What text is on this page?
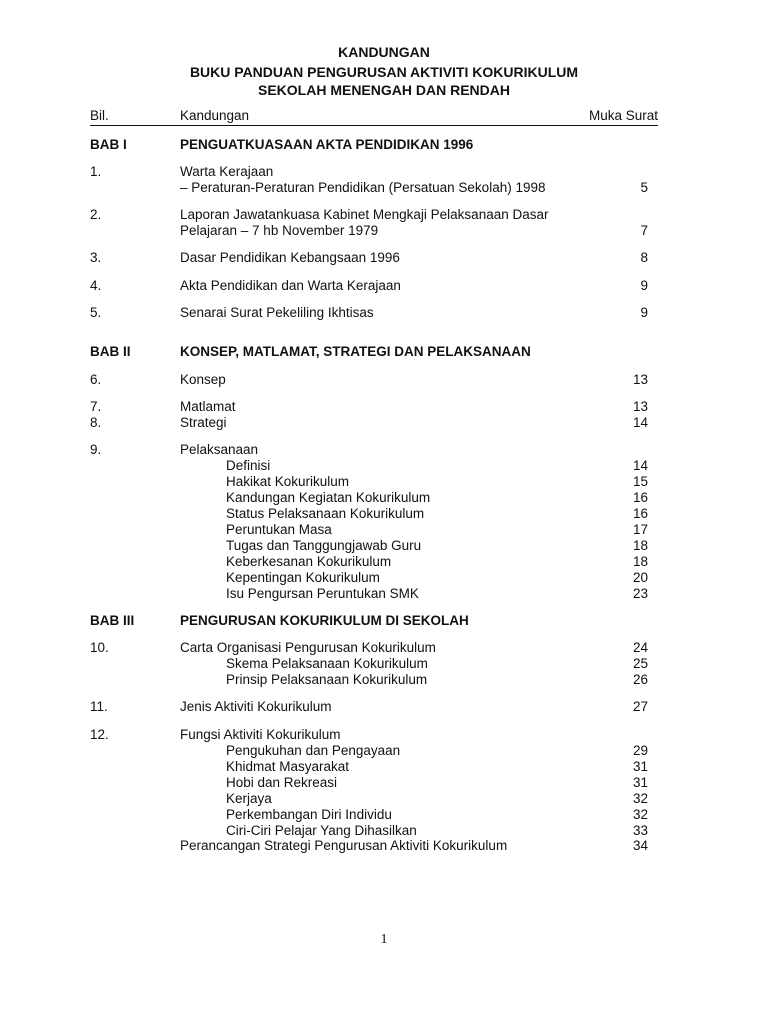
KANDUNGAN
BUKU PANDUAN PENGURUSAN AKTIVITI KOKURIKULUM
SEKOLAH MENENGAH DAN RENDAH
Bil.	Kandungan	Muka Surat
BAB I	PENGUATKUASAAN AKTA PENDIDIKAN 1996
1.	Warta Kerajaan
– Peraturan-Peraturan Pendidikan (Persatuan Sekolah) 1998	5
2.	Laporan Jawatankuasa Kabinet Mengkaji Pelaksanaan Dasar
Pelajaran – 7 hb November 1979	7
3.	Dasar Pendidikan Kebangsaan 1996	8
4.	Akta Pendidikan dan Warta Kerajaan	9
5.	Senarai Surat Pekeliling Ikhtisas	9
BAB II	KONSEP, MATLAMAT, STRATEGI DAN PELAKSANAAN
6.	Konsep	13
7.	Matlamat	13
8.	Strategi	14
9.	Pelaksanaan
Definisi	14
Hakikat Kokurikulum	15
Kandungan Kegiatan Kokurikulum	16
Status Pelaksanaan Kokurikulum	16
Peruntukan Masa	17
Tugas dan Tanggungjawab Guru	18
Keberkesanan Kokurikulum	18
Kepentingan Kokurikulum	20
Isu Pengursan Peruntukan SMK	23
BAB III	PENGURUSAN KOKURIKULUM DI SEKOLAH
10.	Carta Organisasi Pengurusan Kokurikulum	24
Skema Pelaksanaan Kokurikulum	25
Prinsip Pelaksanaan Kokurikulum	26
11.	Jenis Aktiviti Kokurikulum	27
12.	Fungsi Aktiviti Kokurikulum
Pengukuhan dan Pengayaan	29
Khidmat Masyarakat	31
Hobi dan Rekreasi	31
Kerjaya	32
Perkembangan Diri Individu	32
Ciri-Ciri Pelajar Yang Dihasilkan	33
Perancangan Strategi Pengurusan Aktiviti Kokurikulum	34
1
